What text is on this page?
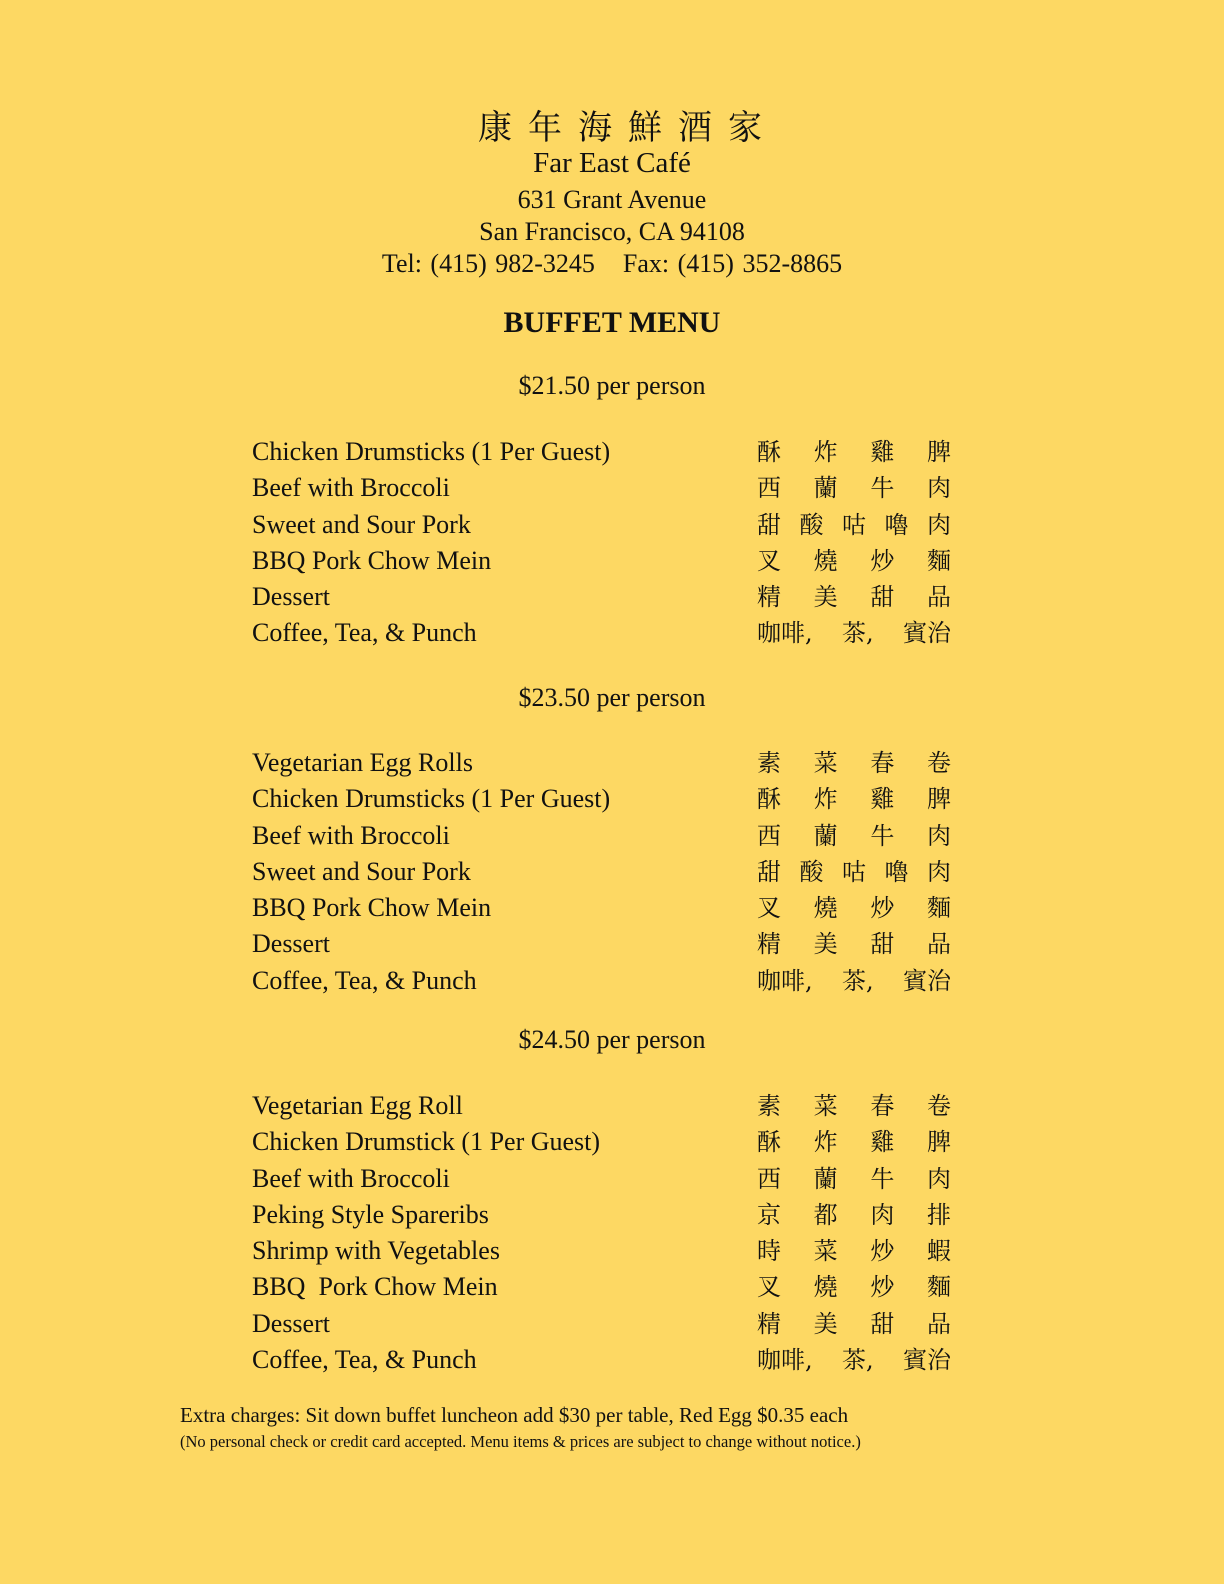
康年海鮮酒家
Far East Café
631 Grant Avenue
San Francisco, CA 94108
Tel: (415) 982-3245 Fax: (415) 352-8865
BUFFET MENU
$21.50 per person
Chicken Drumsticks (1 Per Guest)	酥 炸 雞 脾
Beef with Broccoli	西 蘭 牛 肉
Sweet and Sour Pork	甜 酸 咕 嚕 肉
BBQ Pork Chow Mein	叉 燒 炒 麵
Dessert	精 美 甜 品
Coffee, Tea, & Punch	咖啡, 茶, 賓治
$23.50 per person
Vegetarian Egg Rolls	素 菜 春 卷
Chicken Drumsticks (1 Per Guest)	酥 炸 雞 脾
Beef with Broccoli	西 蘭 牛 肉
Sweet and Sour Pork	甜 酸 咕 嚕 肉
BBQ Pork Chow Mein	叉 燒 炒 麵
Dessert	精 美 甜 品
Coffee, Tea, & Punch	咖啡, 茶, 賓治
$24.50 per person
Vegetarian Egg Roll	素 菜 春 卷
Chicken Drumstick (1 Per Guest)	酥 炸 雞 脾
Beef with Broccoli	西 蘭 牛 肉
Peking Style Spareribs	京 都 肉 排
Shrimp with Vegetables	時 菜 炒 蝦
BBQ  Pork Chow Mein	叉 燒 炒 麵
Dessert	精 美 甜 品
Coffee, Tea, & Punch	咖啡, 茶, 賓治
Extra charges: Sit down buffet luncheon add $30 per table, Red Egg $0.35 each
(No personal check or credit card accepted. Menu items & prices are subject to change without notice.)
